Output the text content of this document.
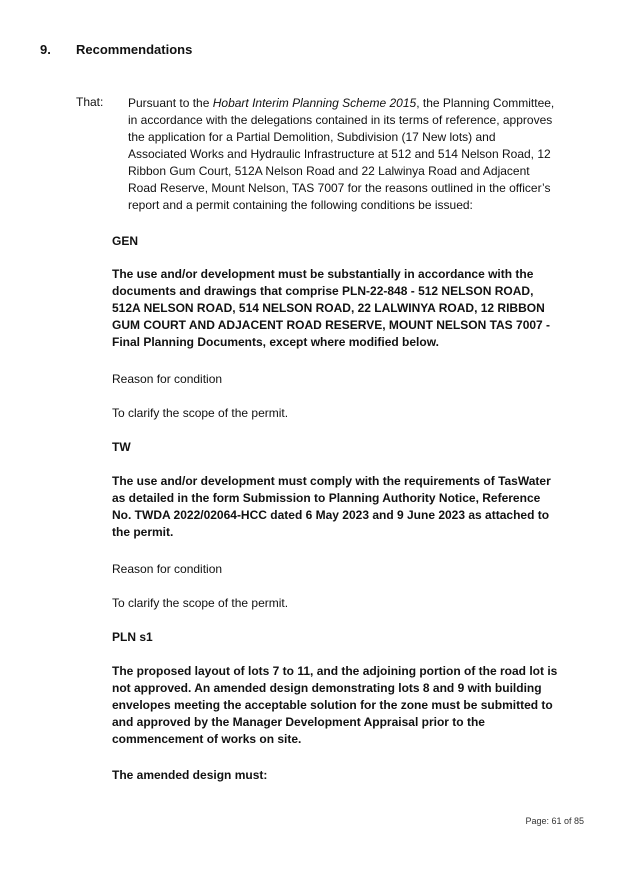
9. Recommendations
That: Pursuant to the Hobart Interim Planning Scheme 2015, the Planning Committee,
in accordance with the delegations contained in its terms of reference, approves
the application for a Partial Demolition, Subdivision (17 New lots) and
Associated Works and Hydraulic Infrastructure at 512 and 514 Nelson Road, 12
Ribbon Gum Court, 512A Nelson Road and 22 Lalwinya Road and Adjacent
Road Reserve, Mount Nelson, TAS 7007 for the reasons outlined in the officer’s
report and a permit containing the following conditions be issued:
GEN
The use and/or development must be substantially in accordance with the
documents and drawings that comprise PLN-22-848 - 512 NELSON ROAD,
512A NELSON ROAD, 514 NELSON ROAD, 22 LALWINYA ROAD, 12 RIBBON
GUM COURT AND ADJACENT ROAD RESERVE, MOUNT NELSON TAS 7007 -
Final Planning Documents, except where modified below.
Reason for condition
To clarify the scope of the permit.
TW
The use and/or development must comply with the requirements of TasWater
as detailed in the form Submission to Planning Authority Notice, Reference
No. TWDA 2022/02064-HCC dated 6 May 2023 and 9 June 2023 as attached to
the permit.
Reason for condition
To clarify the scope of the permit.
PLN s1
The proposed layout of lots 7 to 11, and the adjoining portion of the road lot is
not approved. An amended design demonstrating lots 8 and 9 with building
envelopes meeting the acceptable solution for the zone must be submitted to
and approved by the Manager Development Appraisal prior to the
commencement of works on site.
The amended design must:
Page: 61 of 85
